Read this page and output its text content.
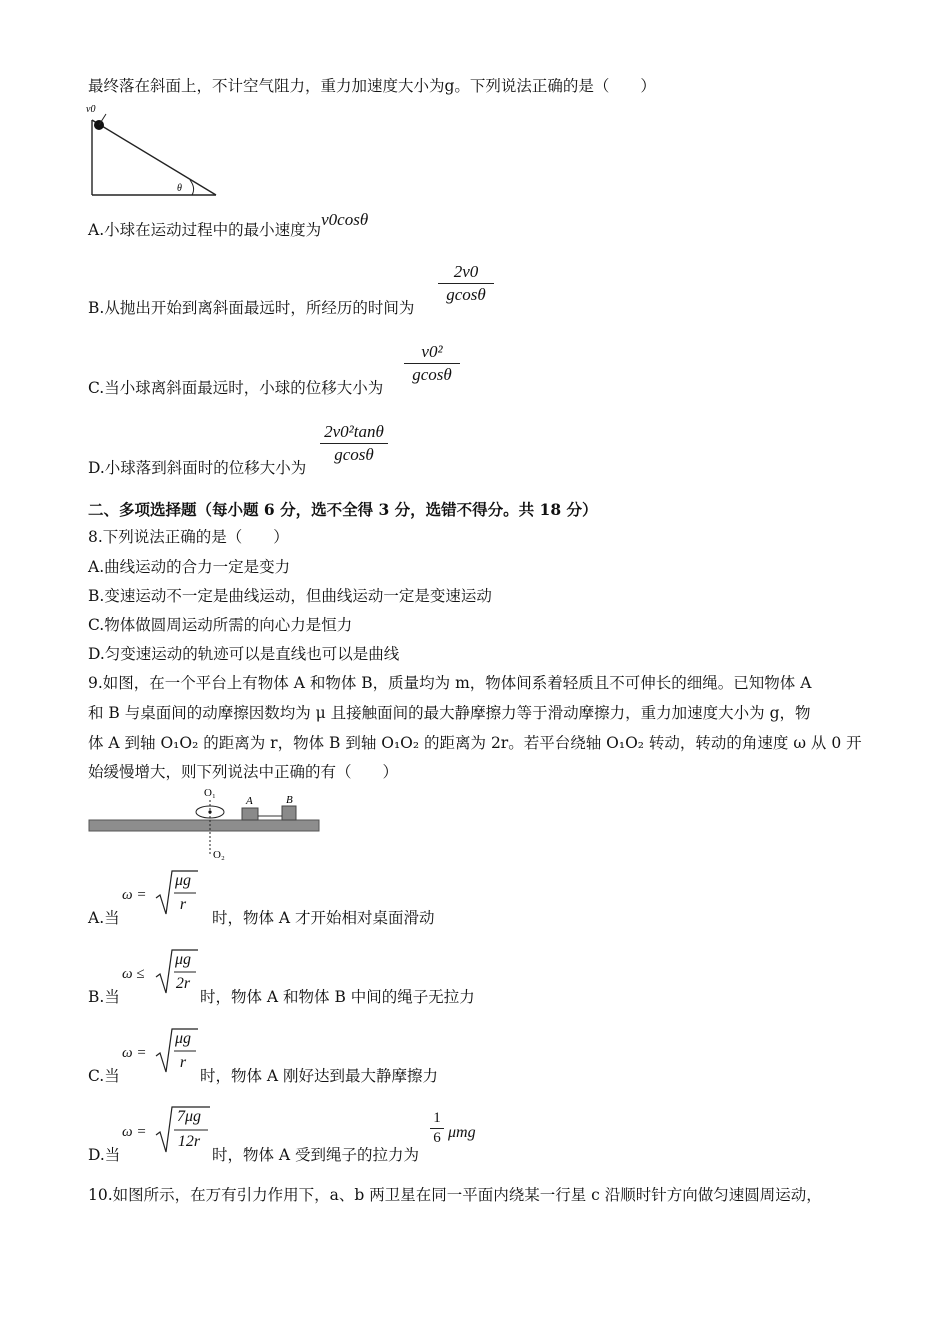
最终落在斜面上，不计空气阻力，重力加速度大小为g。下列说法正确的是（　　）
v0
θ
A.小球在运动过程中的最小速度为v0cosθ
B.从抛出开始到离斜面最远时，所经历的时间为
2v0
gcosθ
C.当小球离斜面最远时，小球的位移大小为
v0²
gcosθ
D.小球落到斜面时的位移大小为
2v0²tanθ
gcosθ
二、多项选择题（每小题 6 分，选不全得 3 分，选错不得分。共 18 分）
8.下列说法正确的是（　　）
A.曲线运动的合力一定是变力
B.变速运动不一定是曲线运动，但曲线运动一定是变速运动
C.物体做圆周运动所需的向心力是恒力
D.匀变速运动的轨迹可以是直线也可以是曲线
9.如图，在一个平台上有物体 A 和物体 B，质量均为 m，物体间系着轻质且不可伸长的细绳。已知物体 A
和 B 与桌面间的动摩擦因数均为 μ 且接触面间的最大静摩擦力等于滑动摩擦力，重力加速度大小为 g，物
体 A 到轴 O₁O₂ 的距离为 r，物体 B 到轴 O₁O₂ 的距离为 2r。若平台绕轴 O₁O₂ 转动，转动的角速度 ω 从 0 开
始缓慢增大，则下列说法中正确的有（　　）
O₁
O₂
A	B
A.当
ω =
μg
r
时，物体 A 才开始相对桌面滑动
B.当
ω ≤
μg
2r
时，物体 A 和物体 B 中间的绳子无拉力
C.当
ω =
μg
r
时，物体 A 刚好达到最大静摩擦力
D.当
ω =
7μg
12r
时，物体 A 受到绳子的拉力为
1
6 μmg
10.如图所示，在万有引力作用下，a、b 两卫星在同一平面内绕某一行星 c 沿顺时针方向做匀速圆周运动，
